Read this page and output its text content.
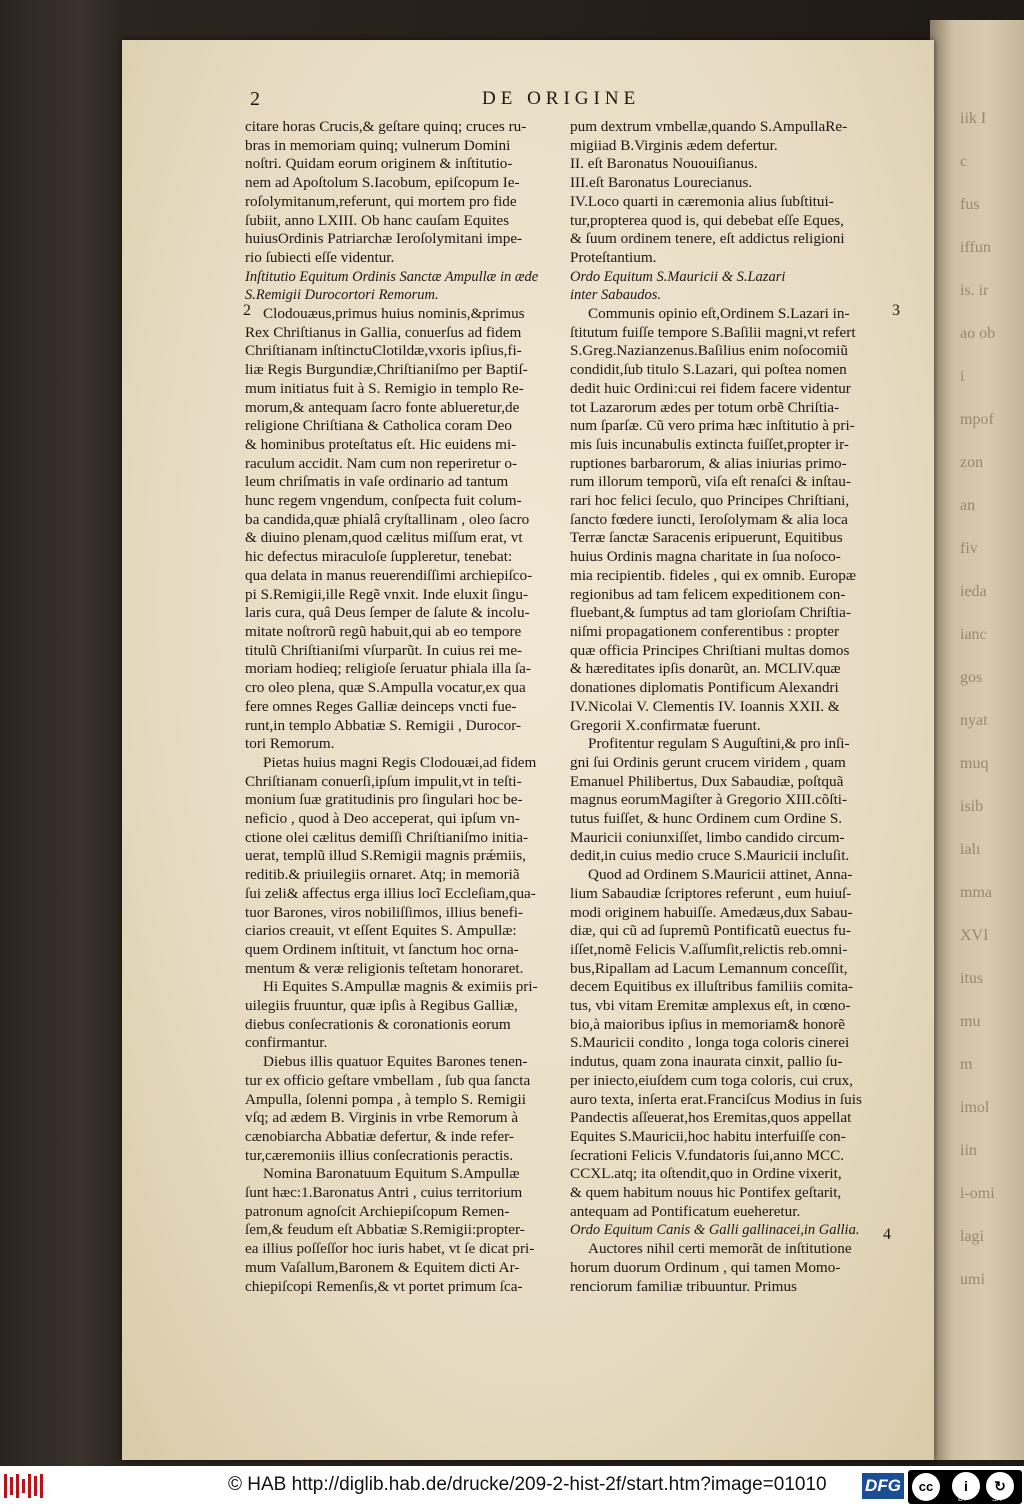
iik I
c
fus
iffun
is. ir
ao ob
i
mpof
zon
an
fiv
ieda
ianc
gos
nyat
muq
isib
ialı
mma
XVI
itus
mu
m
imol
iin
i-omi
lagi
umi
2	DE ORIGINE
2	3
4

citare horas Crucis,& geſtare quinq; cruces ru-
bras in memoriam quinq; vulnerum Domini
noſtri. Quidam eorum originem & inſtitutio-
nem ad Apoſtolum S.Iacobum, epiſcopum Ie-
roſolymitanum,referunt, qui mortem pro fide
ſubiit, anno LXIII. Ob hanc cauſam Equites
huiusOrdinis Patriarchæ Ieroſolymitani impe-
rio ſubiecti eſſe videntur.

Inſtitutio Equitum Ordinis Sanctæ Ampullæ in æde
S.Remigii Durocortori Remorum.

Clodouæus,primus huius nominis,&primus
Rex Chriſtianus in Gallia, conuerſus ad fidem
Chriſtianam inſtinctuClotildæ,vxoris ipſius,fi-
liæ Regis Burgundiæ,Chriſtianiſmo per Baptiſ-
mum initiatus fuit à S. Remigio in templo Re-
morum,& antequam ſacro fonte ablueretur,de
religione Chriſtiana & Catholica coram Deo
& hominibus proteſtatus eſt. Hic euidens mi-
raculum accidit. Nam cum non reperiretur o-
leum chriſmatis in vaſe ordinario ad tantum
hunc regem vngendum, conſpecta fuit colum-
ba candida,quæ phialâ cryſtallinam , oleo ſacro
& diuino plenam,quod cælitus miſſum erat, vt
hic defectus miraculoſe ſuppleretur, tenebat:
qua delata in manus reuerendiſſimi archiepiſco-
pi S.Remigii,ille Regẽ vnxit. Inde eluxit ſingu-
laris cura, quâ Deus ſemper de ſalute & incolu-
mitate noſtrorũ regũ habuit,qui ab eo tempore
titulũ Chriſtianiſmi vſurparũt. In cuius rei me-
moriam hodieq; religioſe ſeruatur phiala illa ſa-
cro oleo plena, quæ S.Ampulla vocatur,ex qua
fere omnes Reges Galliæ deinceps vncti fue-
runt,in templo Abbatiæ S. Remigii , Durocor-
tori Remorum.

Pietas huius magni Regis Clodouæi,ad fidem
Chriſtianam conuerſi,ipſum impulit,vt in teſti-
monium ſuæ gratitudinis pro ſingulari hoc be-
neficio , quod à Deo acceperat, qui ipſum vn-
ctione olei cælitus demiſſi Chriſtianiſmo initia-
uerat, templũ illud S.Remigii magnis prǽmiis,
reditib.& priuilegiis ornaret. Atq; in memoriã
ſui zeli& affectus erga illius locĩ Eccleſiam,qua-
tuor Barones, viros nobiliſſimos, illius benefi-
ciarios creauit, vt eſſent Equites S. Ampullæ:
quem Ordinem inſtituit, vt ſanctum hoc orna-
mentum & veræ religionis teſtetam honoraret.

Hi Equites S.Ampullæ magnis & eximiis pri-
uilegiis fruuntur, quæ ipſis à Regibus Galliæ,
diebus conſecrationis & coronationis eorum
confirmantur.

Diebus illis quatuor Equites Barones tenen-
tur ex officio geſtare vmbellam , ſub qua ſancta
Ampulla, ſolenni pompa , à templo S. Remigii
vſq; ad ædem B. Virginis in vrbe Remorum à
cænobiarcha Abbatiæ defertur, & inde refer-
tur,cæremoniis illius conſecrationis peractis.

Nomina Baronatuum Equitum S.Ampullæ
ſunt hæc:1.Baronatus Antri , cuius territorium
patronum agnoſcit Archiepiſcopum Remen-
ſem,& feudum eſt Abbatiæ S.Remigii:propter-
ea illius poſſeſſor hoc iuris habet, vt ſe dicat pri-
mum Vaſallum,Baronem & Equitem dicti Ar-
chiepiſcopi Remenſis,& vt portet primum ſca-

pum dextrum vmbellæ,quando S.AmpullaRe-
migiiad B.Virginis ædem defertur.
II. eſt Baronatus Nououiſianus.
III.eſt Baronatus Lourecianus.
IV.Loco quarti in cæremonia alius ſubſtitui-
tur,propterea quod is, qui debebat eſſe Eques,
& ſuum ordinem tenere, eſt addictus religioni
Proteſtantium.

Ordo Equitum S.Mauricii & S.Lazari
inter Sabaudos.

Communis opinio eſt,Ordinem S.Lazari in-
ſtitutum fuiſſe tempore S.Baſilii magni,vt refert
S.Greg.Nazianzenus.Baſilius enim noſocomiũ
condidit,ſub titulo S.Lazari, qui poſtea nomen
dedit huic Ordini:cui rei fidem facere videntur
tot Lazarorum ædes per totum orbẽ Chriſtia-
num ſparſæ. Cũ vero prima hæc inſtitutio à pri-
mis ſuis incunabulis extincta fuiſſet,propter ir-
ruptiones barbarorum, & alias iniurias primo-
rum illorum temporũ, viſa eſt renaſci & inſtau-
rari hoc felici ſeculo, quo Principes Chriſtiani,
ſancto fœdere iuncti, Ieroſolymam & alia loca
Terræ ſanctæ Saracenis eripuerunt, Equitibus
huius Ordinis magna charitate in ſua noſoco-
mia recipientib. fideles , qui ex omnib. Europæ
regionibus ad tam felicem expeditionem con-
fluebant,& ſumptus ad tam glorioſam Chriſtia-
niſmi propagationem conferentibus : propter
quæ officia Principes Chriſtiani multas domos
& hæreditates ipſis donarũt, an. MCLIV.quæ
donationes diplomatis Pontificum Alexandri
IV.Nicolai V. Clementis IV. Ioannis XXII. &
Gregorii X.confirmatæ fuerunt.

Profitentur regulam S Auguſtini,& pro inſi-
gni ſui Ordinis gerunt crucem viridem , quam
Emanuel Philibertus, Dux Sabaudiæ, poſtquã
magnus eorumMagiſter à Gregorio XIII.cõſti-
tutus fuiſſet, & hunc Ordinem cum Ordine S.
Mauricii coniunxiſſet, limbo candido circum-
dedit,in cuius medio cruce S.Mauricii incluſit.

Quod ad Ordinem S.Mauricii attinet, Anna-
lium Sabaudiæ ſcriptores referunt , eum huiuſ-
modi originem habuiſſe. Amedæus,dux Sabau-
diæ, qui cũ ad ſupremũ Pontificatũ euectus fu-
iſſet,nomẽ Felicis V.aſſumſit,relictis reb.omni-
bus,Ripallam ad Lacum Lemannum conceſſit,
decem Equitibus ex illuſtribus familiis comita-
tus, vbi vitam Eremitæ amplexus eſt, in cœno-
bio,à maioribus ipſius in memoriam& honorẽ
S.Mauricii condito , longa toga coloris cinerei
indutus, quam zona inaurata cinxit, pallio ſu-
per iniecto,eiuſdem cum toga coloris, cui crux,
auro texta, inſerta erat.Franciſcus Modius in ſuis
Pandectis aſſeuerat,hos Eremitas,quos appellat
Equites S.Mauricii,hoc habitu interfuiſſe con-
ſecrationi Felicis V.fundatoris ſui,anno MCC.
CCXL.atq; ita oſtendit,quo in Ordine vixerit,
& quem habitum nouus hic Pontifex geſtarit,
antequam ad Pontificatum eueheretur.

Ordo Equitum Canis & Galli gallinacei,in Gallia.

Auctores nihil certi memorãt de inſtitutione
horum duorum Ordinum , qui tamen Momo-
renciorum familiæ tribuuntur. Primus

© HAB http://diglib.hab.de/drucke/209-2-hist-2f/start.htm?image=01010 DFG	cc	i	↻
BY	SA
